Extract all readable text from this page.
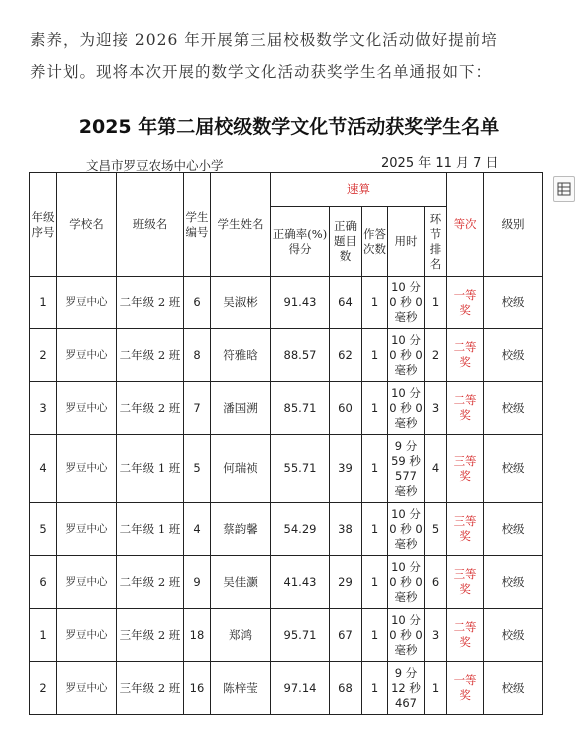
素养，为迎接 2026 年开展第三届校极数学文化活动做好提前培
养计划。现将本次开展的数学文化活动获奖学生名单通报如下：
2025 年第二届校级数学文化节活动获奖学生名单
文昌市罗豆农场中心小学	2025 年 11 月 7 日
年级序号	学校名	班级名	学生编号	学生姓名	速算					等次	级别
					正确率(%)得分	正确题目数	作答次数	用时	环节排名		
1	罗豆中心	二年级 2 班	6	吴淑彬	91.43	64	1	10 分 0 秒 0 毫秒	1	一等奖	校级
2	罗豆中心	二年级 2 班	8	符雅晗	88.57	62	1	10 分 0 秒 0 毫秒	2	二等奖	校级
3	罗豆中心	二年级 2 班	7	潘国溯	85.71	60	1	10 分 0 秒 0 毫秒	3	二等奖	校级
4	罗豆中心	二年级 1 班	5	何瑞祯	55.71	39	1	9 分 59 秒 577 毫秒	4	三等奖	校级
5	罗豆中心	二年级 1 班	4	蔡韵馨	54.29	38	1	10 分 0 秒 0 毫秒	5	三等奖	校级
6	罗豆中心	二年级 2 班	9	吴佳灏	41.43	29	1	10 分 0 秒 0 毫秒	6	三等奖	校级
1	罗豆中心	三年级 2 班	18	郑鸿	95.71	67	1	10 分 0 秒 0 毫秒	3	二等奖	校级
2	罗豆中心	三年级 2 班	16	陈梓莹	97.14	68	1	9 分 12 秒 467	1	一等奖	校级
